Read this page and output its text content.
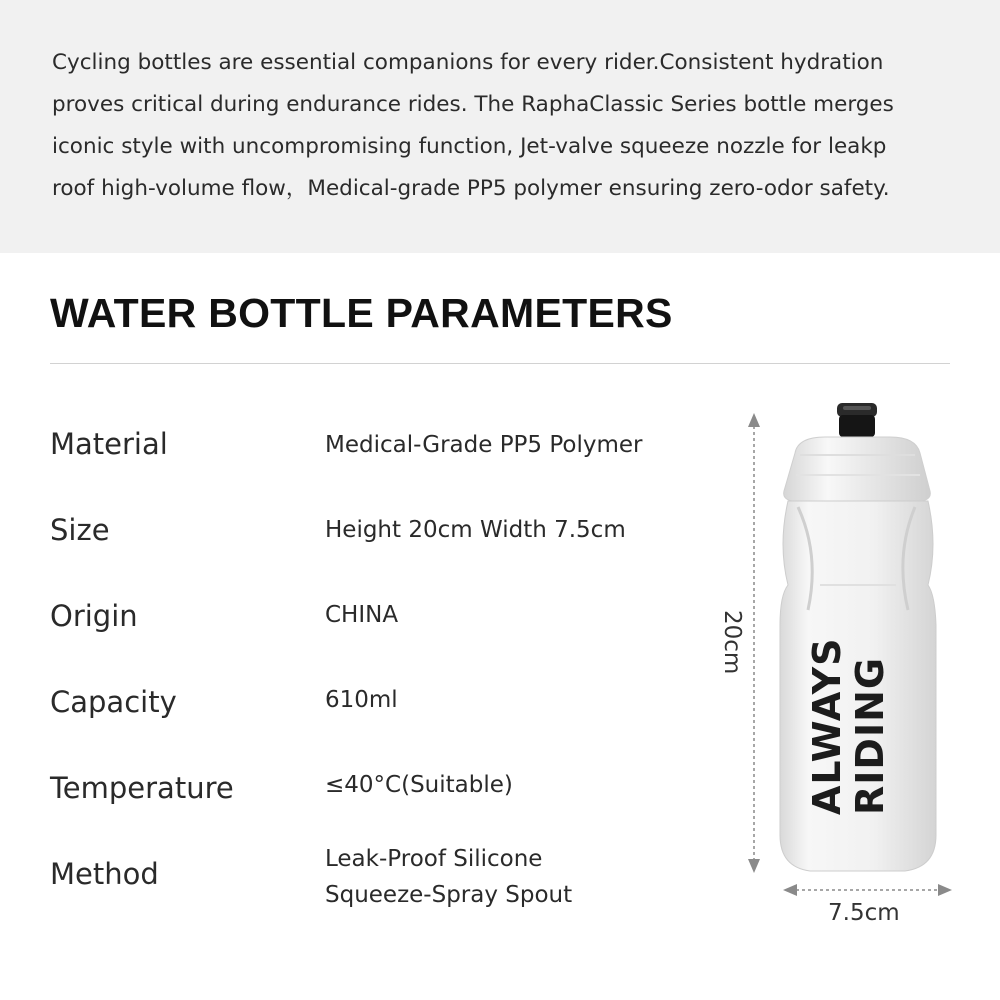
Cycling bottles are essential companions for every rider.Consistent hydration
proves critical during endurance rides. The RaphaClassic Series bottle merges
iconic style with uncompromising function, Jet-valve squeeze nozzle for leakp
roof high-volume flow，Medical-grade PP5 polymer ensuring zero-odor safety.

WATER BOTTLE PARAMETERS

Material	Medical-Grade PP5 Polymer

Size	Height 20cm Width 7.5cm

Origin	CHINA

Capacity	610ml

Temperature	≤40°C(Suitable)

Method	Leak-Proof Silicone
Squeeze-Spray Spout

ALWAYS RIDING
20cm
7.5cm
